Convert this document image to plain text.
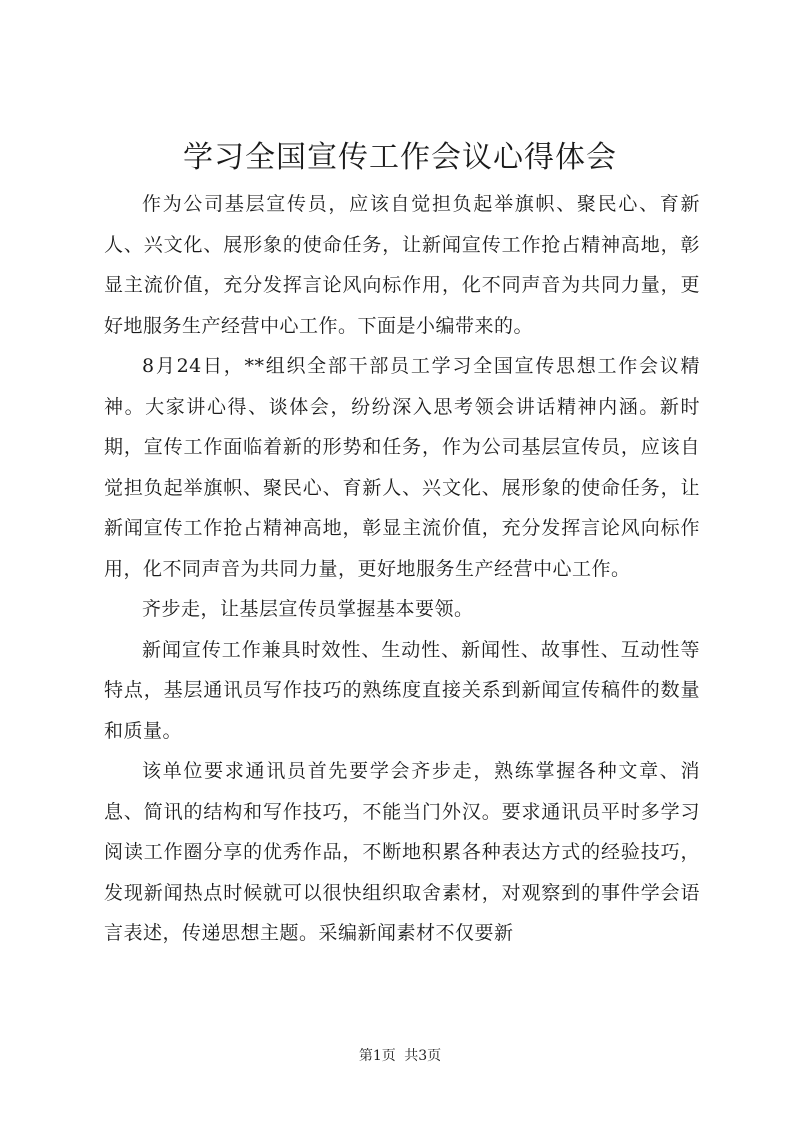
学习全国宣传工作会议心得体会

作为公司基层宣传员，应该自觉担负起举旗帜、聚民心、育新人、兴文化、展形象的使命任务，让新闻宣传工作抢占精神高地，彰显主流价值，充分发挥言论风向标作用，化不同声音为共同力量，更好地服务生产经营中心工作。下面是小编带来的。

8月24日，**组织全部干部员工学习全国宣传思想工作会议精神。大家讲心得、谈体会，纷纷深入思考领会讲话精神内涵。新时期，宣传工作面临着新的形势和任务，作为公司基层宣传员，应该自觉担负起举旗帜、聚民心、育新人、兴文化、展形象的使命任务，让新闻宣传工作抢占精神高地，彰显主流价值，充分发挥言论风向标作用，化不同声音为共同力量，更好地服务生产经营中心工作。

齐步走，让基层宣传员掌握基本要领。

新闻宣传工作兼具时效性、生动性、新闻性、故事性、互动性等特点，基层通讯员写作技巧的熟练度直接关系到新闻宣传稿件的数量和质量。

该单位要求通讯员首先要学会齐步走，熟练掌握各种文章、消息、简讯的结构和写作技巧，不能当门外汉。要求通讯员平时多学习阅读工作圈分享的优秀作品，不断地积累各种表达方式的经验技巧，发现新闻热点时候就可以很快组织取舍素材，对观察到的事件学会语言表述，传递思想主题。采编新闻素材不仅要新

第1页 共3页
